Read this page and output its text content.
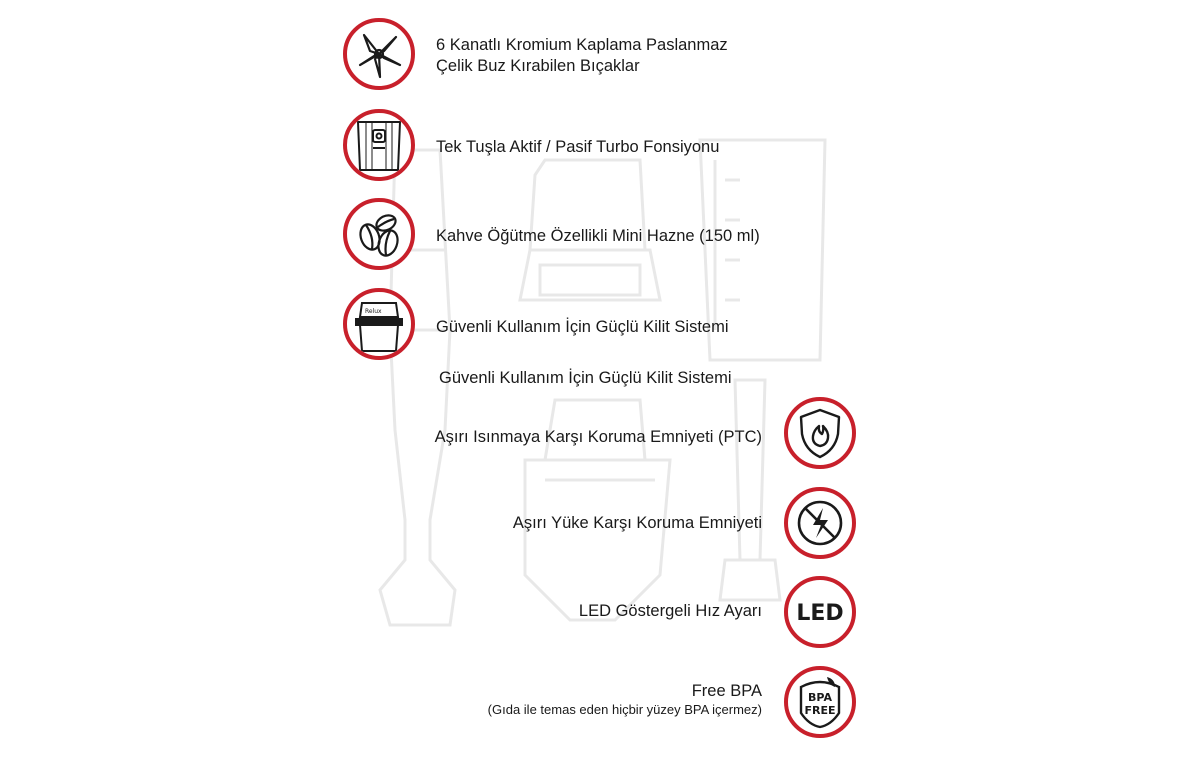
6 Kanatlı Kromium Kaplama Paslanmaz
Çelik Buz Kırabilen Bıçaklar
Tek Tuşla Aktif / Pasif Turbo Fonsiyonu
Kahve Öğütme Özellikli Mini Hazne (150 ml)
Relux
Güvenli Kullanım İçin Güçlü Kilit Sistemi
Güvenli Kullanım İçin Güçlü Kilit Sistemi
Aşırı Isınmaya Karşı Koruma Emniyeti (PTC)
Aşırı Yüke Karşı Koruma Emniyeti
LED
LED Göstergeli Hız Ayarı
BPA
FREE
Free BPA
(Gıda ile temas eden hiçbir yüzey BPA içermez)
